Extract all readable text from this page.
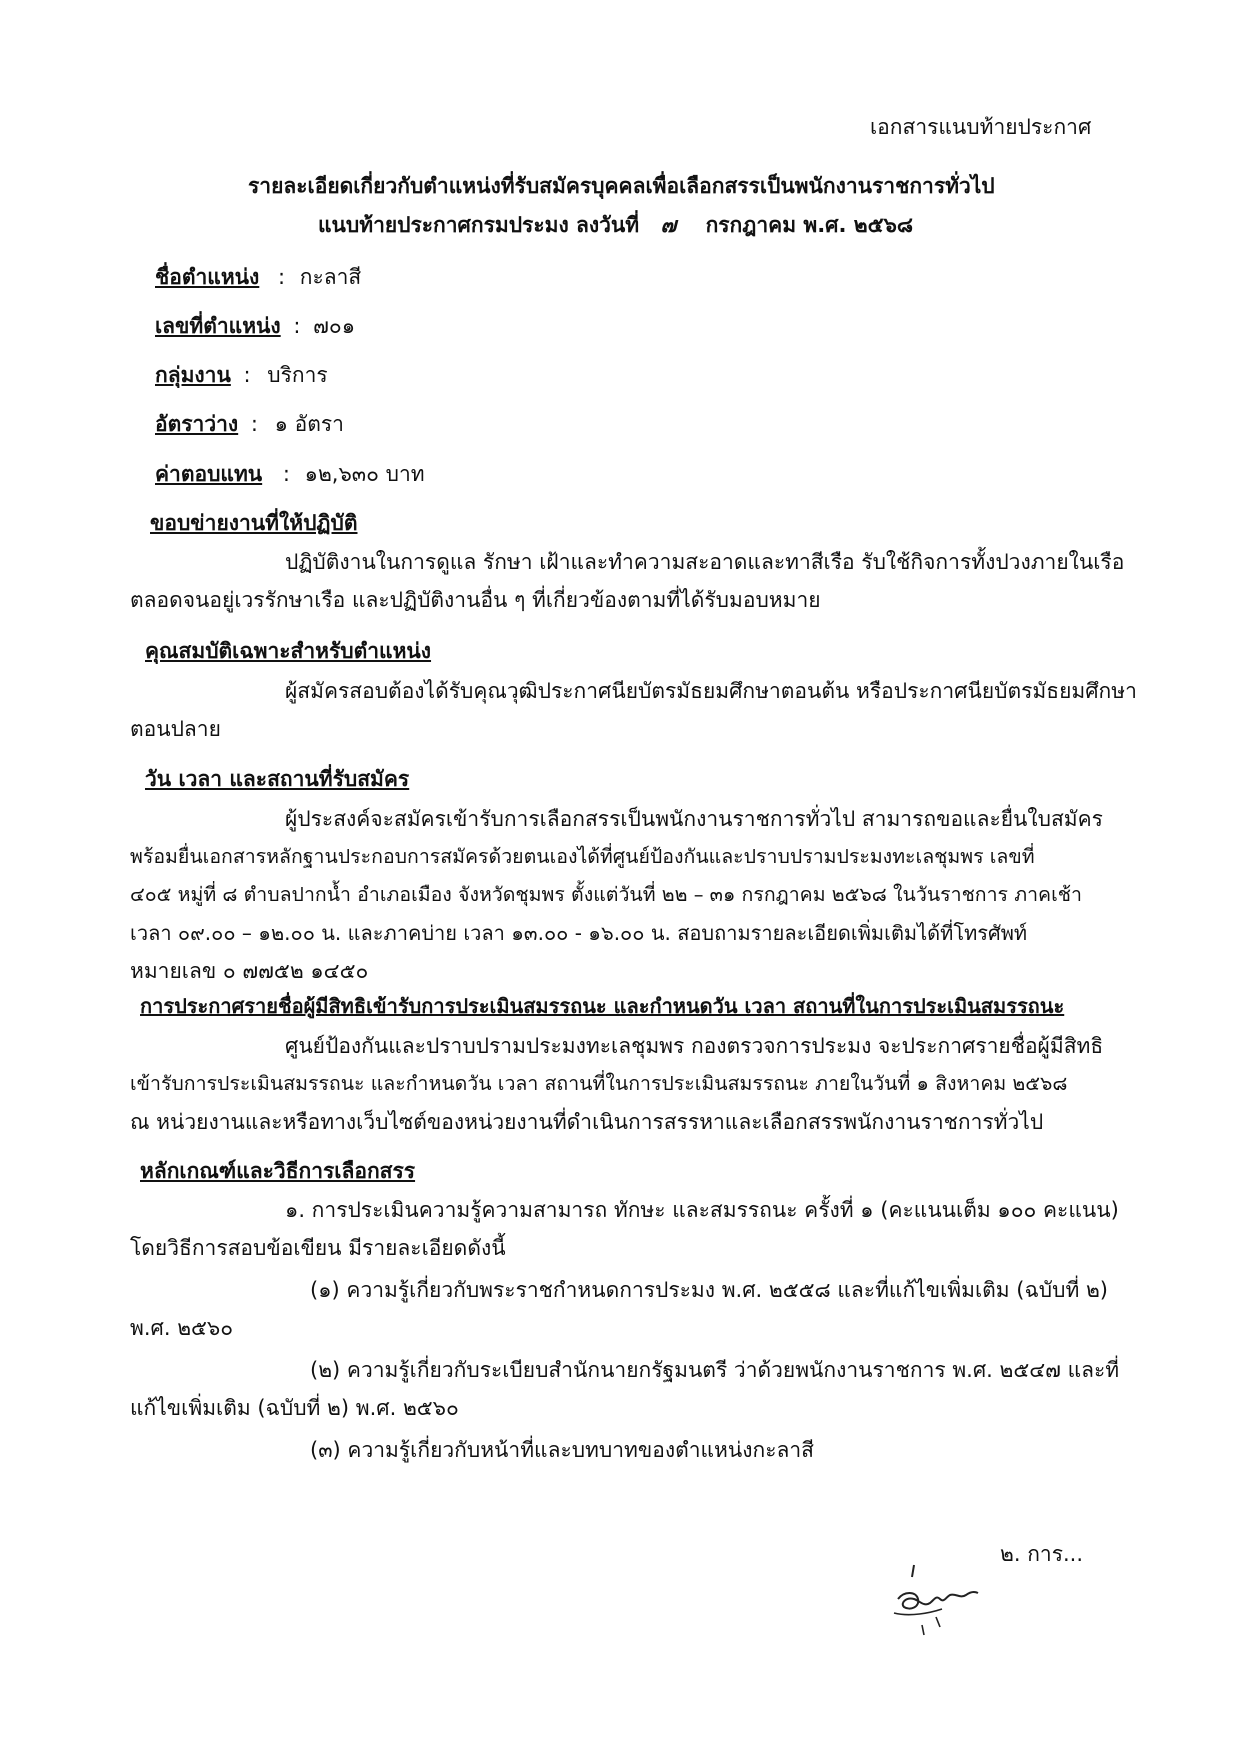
เอกสารแนบท้ายประกาศ
รายละเอียดเกี่ยวกับตำแหน่งที่รับสมัครบุคคลเพื่อเลือกสรรเป็นพนักงานราชการทั่วไป
แนบท้ายประกาศกรมประมง ลงวันที่ ๗ กรกฎาคม พ.ศ. ๒๕๖๘
ชื่อตำแหน่ง : กะลาสี
เลขที่ตำแหน่ง : ๗๐๑
กลุ่มงาน : บริการ
อัตราว่าง : ๑ อัตรา
ค่าตอบแทน : ๑๒,๖๓๐ บาท
ขอบข่ายงานที่ให้ปฏิบัติ
ปฏิบัติงานในการดูแล รักษา เฝ้าและทำความสะอาดและทาสีเรือ รับใช้กิจการทั้งปวงภายในเรือ
ตลอดจนอยู่เวรรักษาเรือ และปฏิบัติงานอื่น ๆ ที่เกี่ยวข้องตามที่ได้รับมอบหมาย
คุณสมบัติเฉพาะสำหรับตำแหน่ง
ผู้สมัครสอบต้องได้รับคุณวุฒิประกาศนียบัตรมัธยมศึกษาตอนต้น หรือประกาศนียบัตรมัธยมศึกษา
ตอนปลาย
วัน เวลา และสถานที่รับสมัคร
ผู้ประสงค์จะสมัครเข้ารับการเลือกสรรเป็นพนักงานราชการทั่วไป สามารถขอและยื่นใบสมัคร
พร้อมยื่นเอกสารหลักฐานประกอบการสมัครด้วยตนเองได้ที่ศูนย์ป้องกันและปราบปรามประมงทะเลชุมพร เลขที่
๔๐๕ หมู่ที่ ๘ ตำบลปากน้ำ อำเภอเมือง จังหวัดชุมพร ตั้งแต่วันที่ ๒๒ – ๓๑ กรกฎาคม ๒๕๖๘ ในวันราชการ ภาคเช้า
เวลา ๐๙.๐๐ – ๑๒.๐๐ น. และภาคบ่าย เวลา ๑๓.๐๐ - ๑๖.๐๐ น. สอบถามรายละเอียดเพิ่มเติมได้ที่โทรศัพท์
หมายเลข ๐ ๗๗๕๒ ๑๔๕๐
การประกาศรายชื่อผู้มีสิทธิเข้ารับการประเมินสมรรถนะ และกำหนดวัน เวลา สถานที่ในการประเมินสมรรถนะ
ศูนย์ป้องกันและปราบปรามประมงทะเลชุมพร กองตรวจการประมง จะประกาศรายชื่อผู้มีสิทธิ
เข้ารับการประเมินสมรรถนะ และกำหนดวัน เวลา สถานที่ในการประเมินสมรรถนะ ภายในวันที่ ๑ สิงหาคม ๒๕๖๘
ณ หน่วยงานและหรือทางเว็บไซต์ของหน่วยงานที่ดำเนินการสรรหาและเลือกสรรพนักงานราชการทั่วไป
หลักเกณฑ์และวิธีการเลือกสรร
๑. การประเมินความรู้ความสามารถ ทักษะ และสมรรถนะ ครั้งที่ ๑ (คะแนนเต็ม ๑๐๐ คะแนน)
โดยวิธีการสอบข้อเขียน มีรายละเอียดดังนี้
(๑) ความรู้เกี่ยวกับพระราชกำหนดการประมง พ.ศ. ๒๕๕๘ และที่แก้ไขเพิ่มเติม (ฉบับที่ ๒)
พ.ศ. ๒๕๖๐
(๒) ความรู้เกี่ยวกับระเบียบสำนักนายกรัฐมนตรี ว่าด้วยพนักงานราชการ พ.ศ. ๒๕๔๗ และที่
แก้ไขเพิ่มเติม (ฉบับที่ ๒) พ.ศ. ๒๕๖๐
(๓) ความรู้เกี่ยวกับหน้าที่และบทบาทของตำแหน่งกะลาสี
๒. การ...
